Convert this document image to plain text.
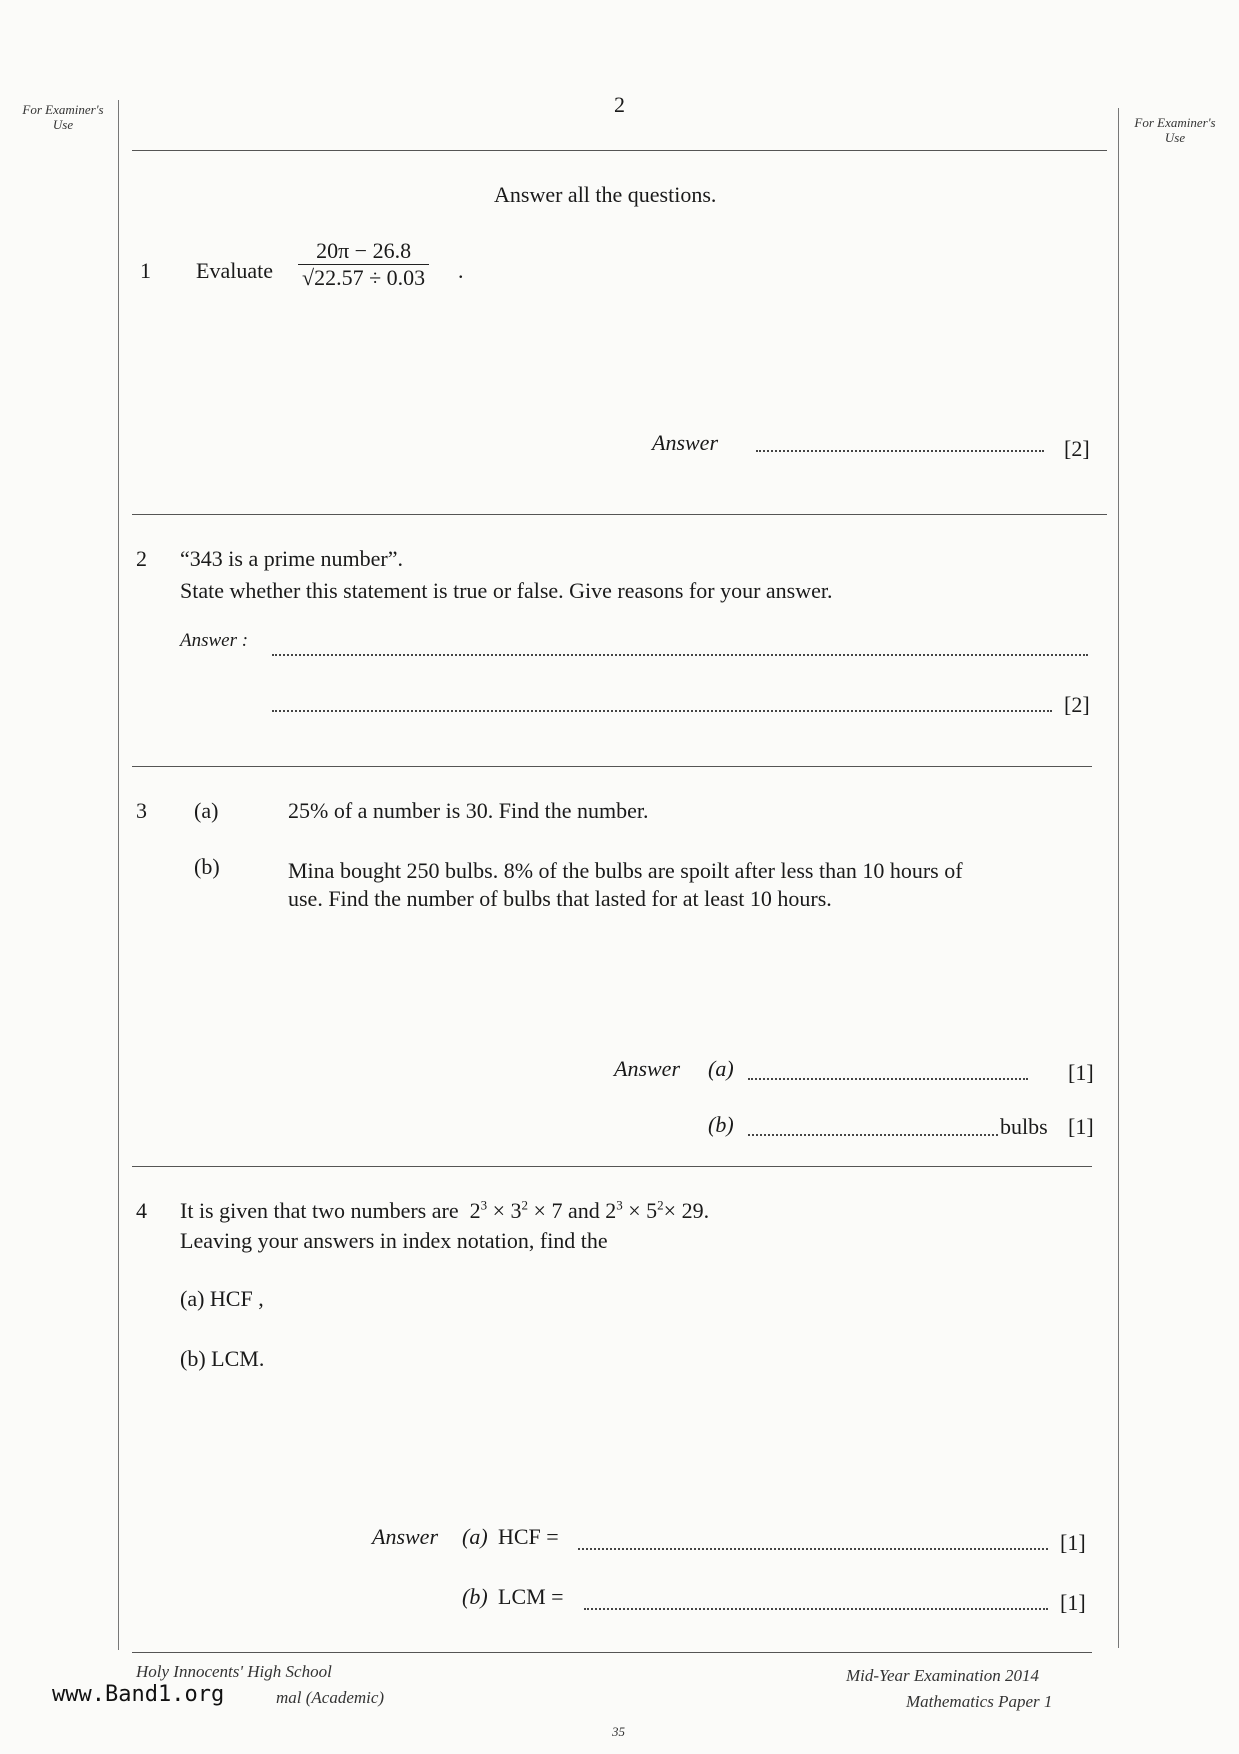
For Examiner's Use	For Examiner's Use
2
Answer all the questions.
1 Evaluate $\frac{20\pi - 26.8}{√22.57 \div 0.03}$ .
Answer	[2]
2 “343 is a prime number”.
State whether this statement is true or false. Give reasons for your answer.
Answer :
[2]
3 (a)	25% of a number is 30. Find the number.
(b)	Mina bought 250 bulbs. 8% of the bulbs are spoilt after less than 10 hours of
use. Find the number of bulbs that lasted for at least 10 hours.
Answer (a)	[1]
(b)	bulbs [1]
4 It is given that two numbers are $2^3 \times 3^2 \times 7$ and $2^3 \times 5^2\times 29$.
Leaving your answers in index notation, find the
(a) HCF ,
(b) LCM.
Answer (a) HCF =	[1]
(b) LCM =	[1]
Holy Innocents' High School
mal (Academic)
Mid-Year Examination 2014
Mathematics Paper 1
35
www.Band1.org
